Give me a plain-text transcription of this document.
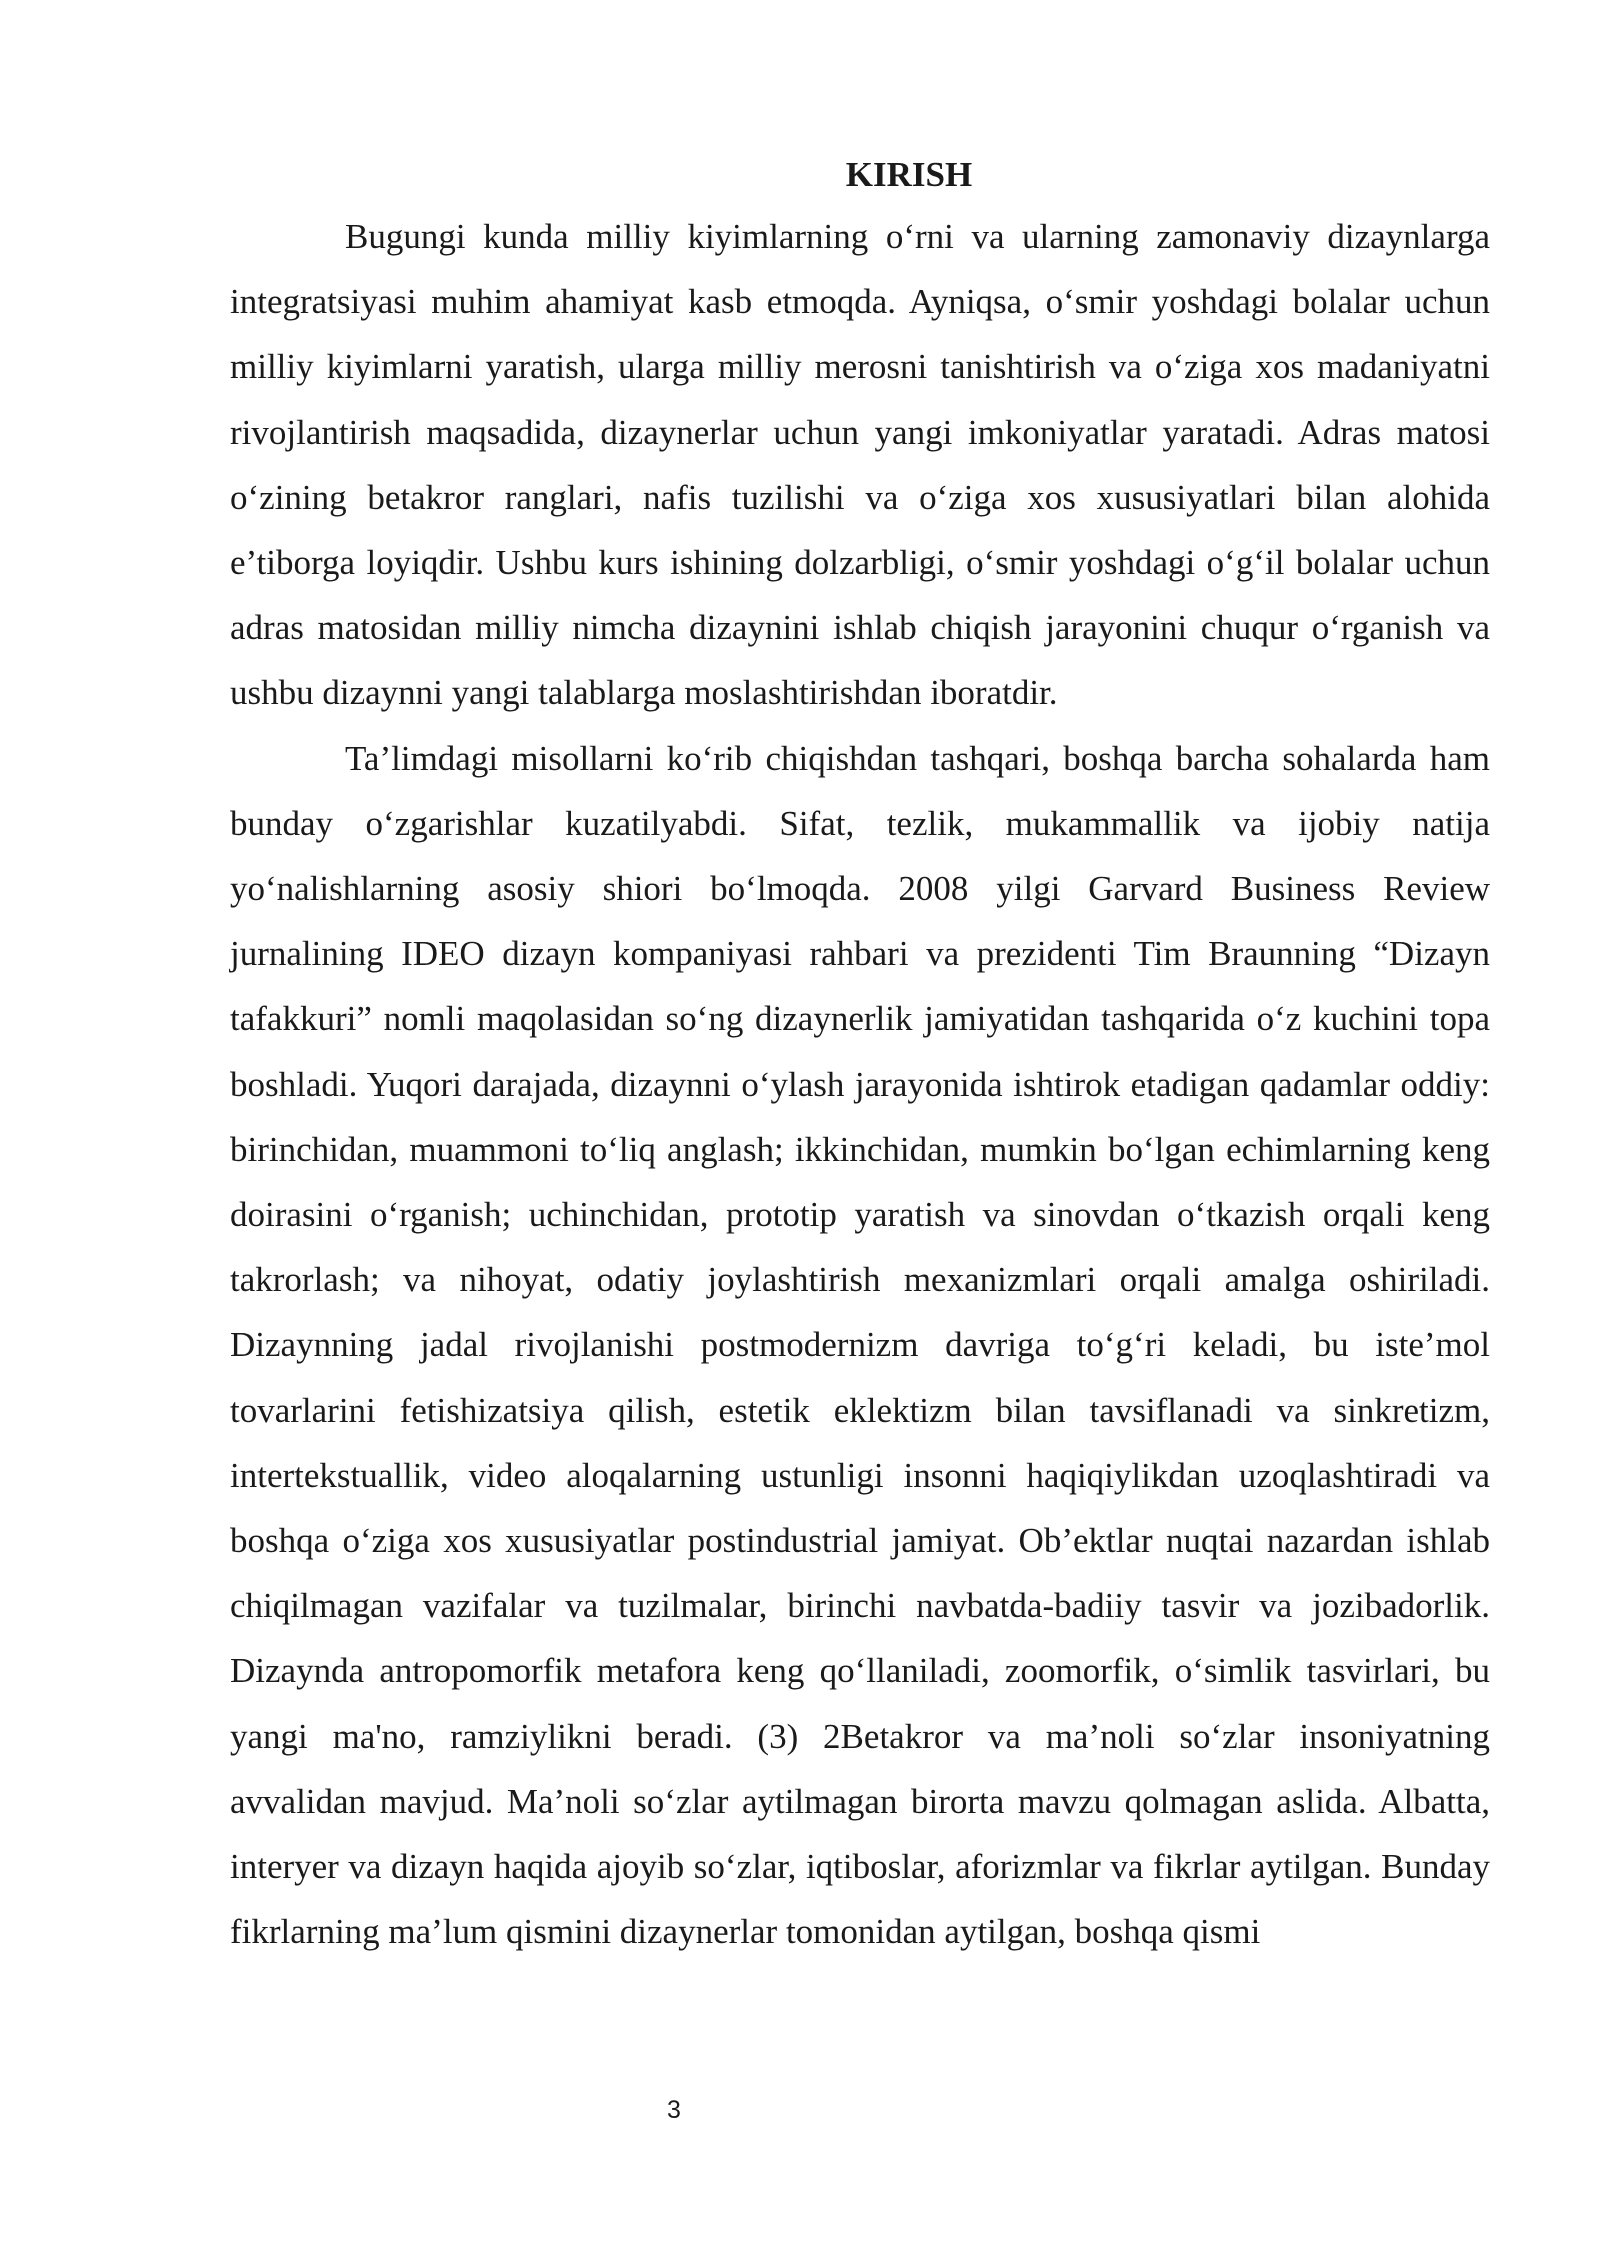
KIRISH

Bugungi kunda milliy kiyimlarning o‘rni va ularning zamonaviy dizaynlarga integratsiyasi muhim ahamiyat kasb etmoqda. Ayniqsa, o‘smir yoshdagi bolalar uchun milliy kiyimlarni yaratish, ularga milliy merosni tanishtirish va o‘ziga xos madaniyatni rivojlantirish maqsadida, dizaynerlar uchun yangi imkoniyatlar yaratadi. Adras matosi o‘zining betakror ranglari, nafis tuzilishi va o‘ziga xos xususiyatlari bilan alohida e’tiborga loyiqdir. Ushbu kurs ishining dolzarbligi, o‘smir yoshdagi o‘g‘il bolalar uchun adras matosidan milliy nimcha dizaynini ishlab chiqish jarayonini chuqur o‘rganish va ushbu dizaynni yangi talablarga moslashtirishdan iboratdir.

Ta’limdagi misollarni ko‘rib chiqishdan tashqari, boshqa barcha sohalarda ham bunday o‘zgarishlar kuzatilyabdi. Sifat, tezlik, mukammallik va ijobiy natija yo‘nalishlarning asosiy shiori bo‘lmoqda. 2008 yilgi Garvard Business Review jurnalining IDEO dizayn kompaniyasi rahbari va prezidenti Tim Braunning “Dizayn tafakkuri” nomli maqolasidan so‘ng dizaynerlik jamiyatidan tashqarida o‘z kuchini topa boshladi. Yuqori darajada, dizaynni o‘ylash jarayonida ishtirok etadigan qadamlar oddiy: birinchidan, muammoni to‘liq anglash; ikkinchidan, mumkin bo‘lgan echimlarning keng doirasini o‘rganish; uchinchidan, prototip yaratish va sinovdan o‘tkazish orqali keng takrorlash; va nihoyat, odatiy joylashtirish mexanizmlari orqali amalga oshiriladi. Dizaynning jadal rivojlanishi postmodernizm davriga to‘g‘ri keladi, bu iste’mol tovarlarini fetishizatsiya qilish, estetik eklektizm bilan tavsiflanadi va sinkretizm, intertekstuallik, video aloqalarning ustunligi insonni haqiqiylikdan uzoqlashtiradi va boshqa o‘ziga xos xususiyatlar postindustrial jamiyat. Ob’ektlar nuqtai nazardan ishlab chiqilmagan vazifalar va tuzilmalar, birinchi navbatda-badiiy tasvir va jozibadorlik. Dizaynda antropomorfik metafora keng qo‘llaniladi, zoomorfik, o‘simlik tasvirlari, bu yangi ma'no, ramziylikni beradi. (3) 2Betakror va ma’noli so‘zlar insoniyatning avvalidan mavjud. Ma’noli so‘zlar aytilmagan birorta mavzu qolmagan aslida. Albatta, interyer va dizayn haqida ajoyib so‘zlar, iqtiboslar, aforizmlar va fikrlar aytilgan. Bunday fikrlarning ma’lum qismini dizaynerlar tomonidan aytilgan, boshqa qismi

3
